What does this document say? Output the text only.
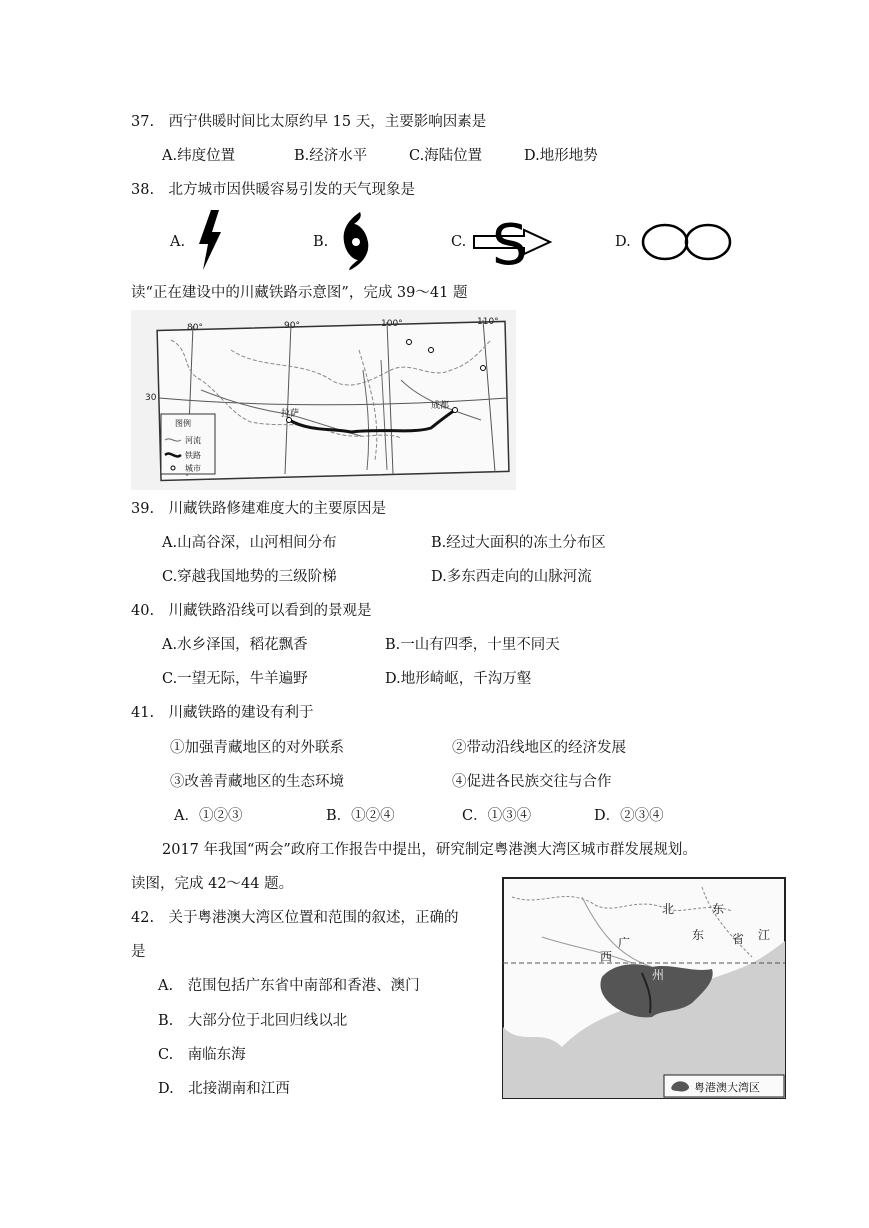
37.　西宁供暖时间比太原约早 15 天，主要影响因素是
A.纬度位置	B.经济水平	C.海陆位置	D.地形地势
38.　北方城市因供暖容易引发的天气现象是
A.	B.	C. S	D.
读“正在建设中的川藏铁路示意图”，完成 39～41 题
80°	90°	100°	110°
30
拉萨
成都
图例
河流
铁路
城市
39.　川藏铁路修建难度大的主要原因是
A.山高谷深，山河相间分布	B.经过大面积的冻土分布区
C.穿越我国地势的三级阶梯	D.多东西走向的山脉河流
40.　川藏铁路沿线可以看到的景观是
A.水乡泽国，稻花飘香	B.一山有四季，十里不同天
C.一望无际，牛羊遍野	D.地形崎岖，千沟万壑
41.　川藏铁路的建设有利于
①加强青藏地区的对外联系	②带动沿线地区的经济发展
③改善青藏地区的生态环境	④促进各民族交往与合作
A．①②③	B．①②④	C．①③④	D．②③④
2017 年我国“两会”政府工作报告中提出，研究制定粤港澳大湾区城市群发展规划。
读图，完成 42～44 题。
42.　关于粤港澳大湾区位置和范围的叙述，正确的
是
A.　范围包括广东省中南部和香港、澳门
B.　大部分位于北回归线以北
C.　南临东海
D.　北接湖南和江西
广
东 省
北	东
江
西
州
粤港澳大湾区
